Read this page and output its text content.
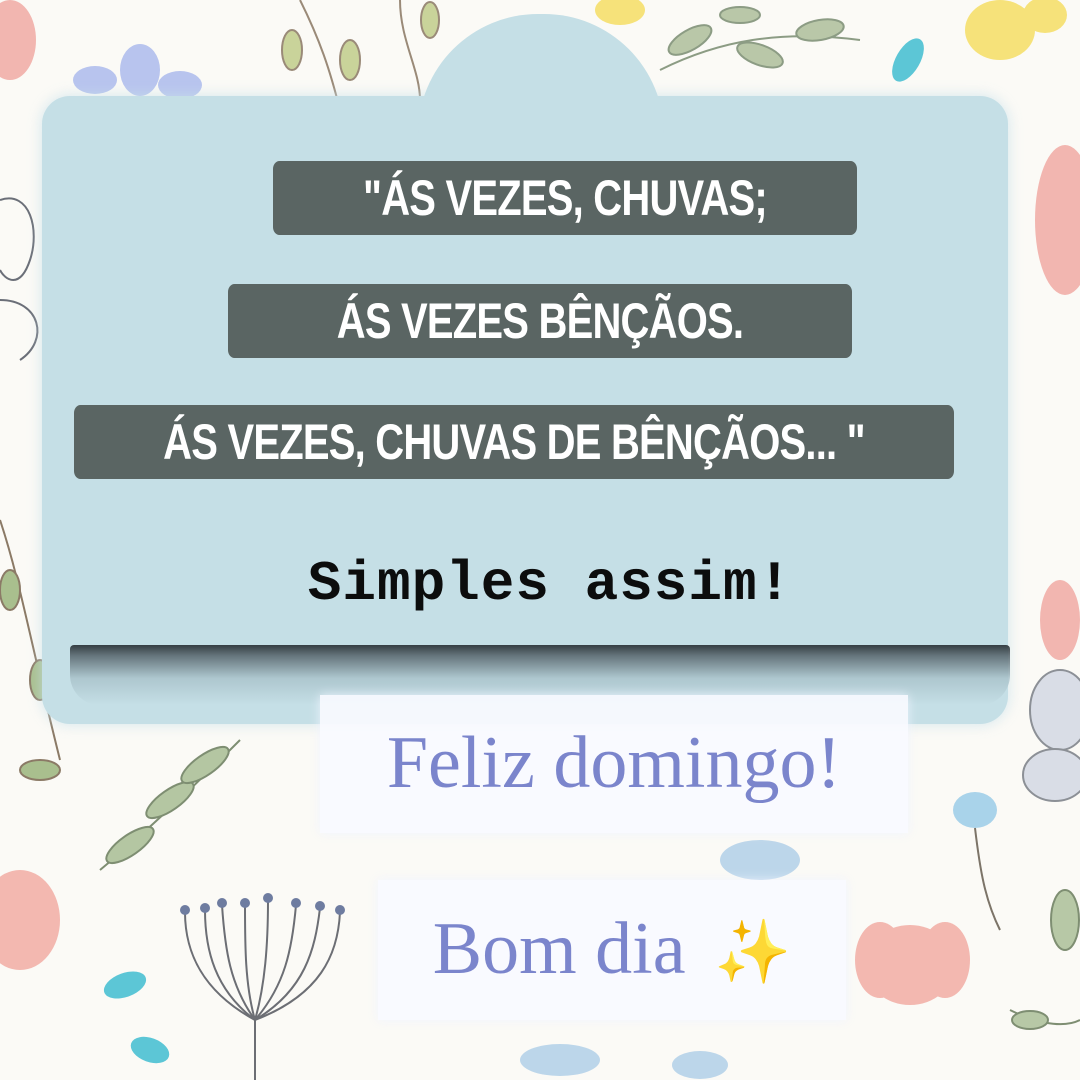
"ÁS VEZES, CHUVAS;
ÁS VEZES BÊNÇÃOS.
ÁS VEZES, CHUVAS DE BÊNÇÃOS... "
Simples assim!
Feliz domingo!
Bom dia ✨
